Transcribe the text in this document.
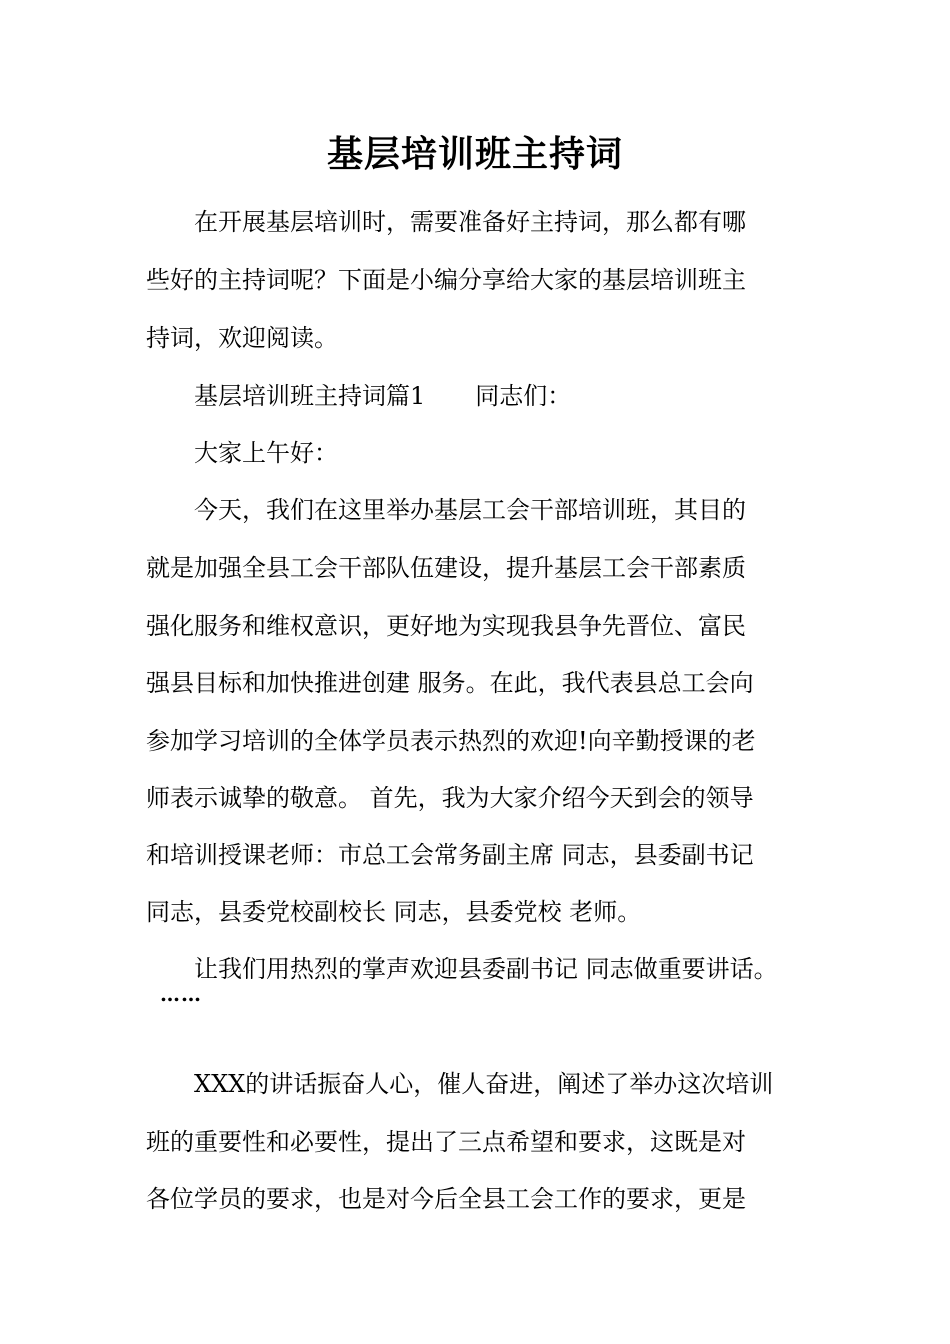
基层培训班主持词
在开展基层培训时，需要准备好主持词，那么都有哪
些好的主持词呢？下面是小编分享给大家的基层培训班主
持词，欢迎阅读。
基层培训班主持词篇1 同志们：
大家上午好：
今天，我们在这里举办基层工会干部培训班，其目的
就是加强全县工会干部队伍建设，提升基层工会干部素质
强化服务和维权意识，更好地为实现我县争先晋位、富民
强县目标和加快推进创建 服务。在此，我代表县总工会向
参加学习培训的全体学员表示热烈的欢迎!向辛勤授课的老
师表示诚挚的敬意。 首先，我为大家介绍今天到会的领导
和培训授课老师：市总工会常务副主席 同志，县委副书记
同志，县委党校副校长 同志，县委党校 老师。
让我们用热烈的掌声欢迎县委副书记 同志做重要讲话。
……
XXX的讲话振奋人心，催人奋进，阐述了举办这次培训
班的重要性和必要性，提出了三点希望和要求，这既是对
各位学员的要求，也是对今后全县工会工作的要求，更是
